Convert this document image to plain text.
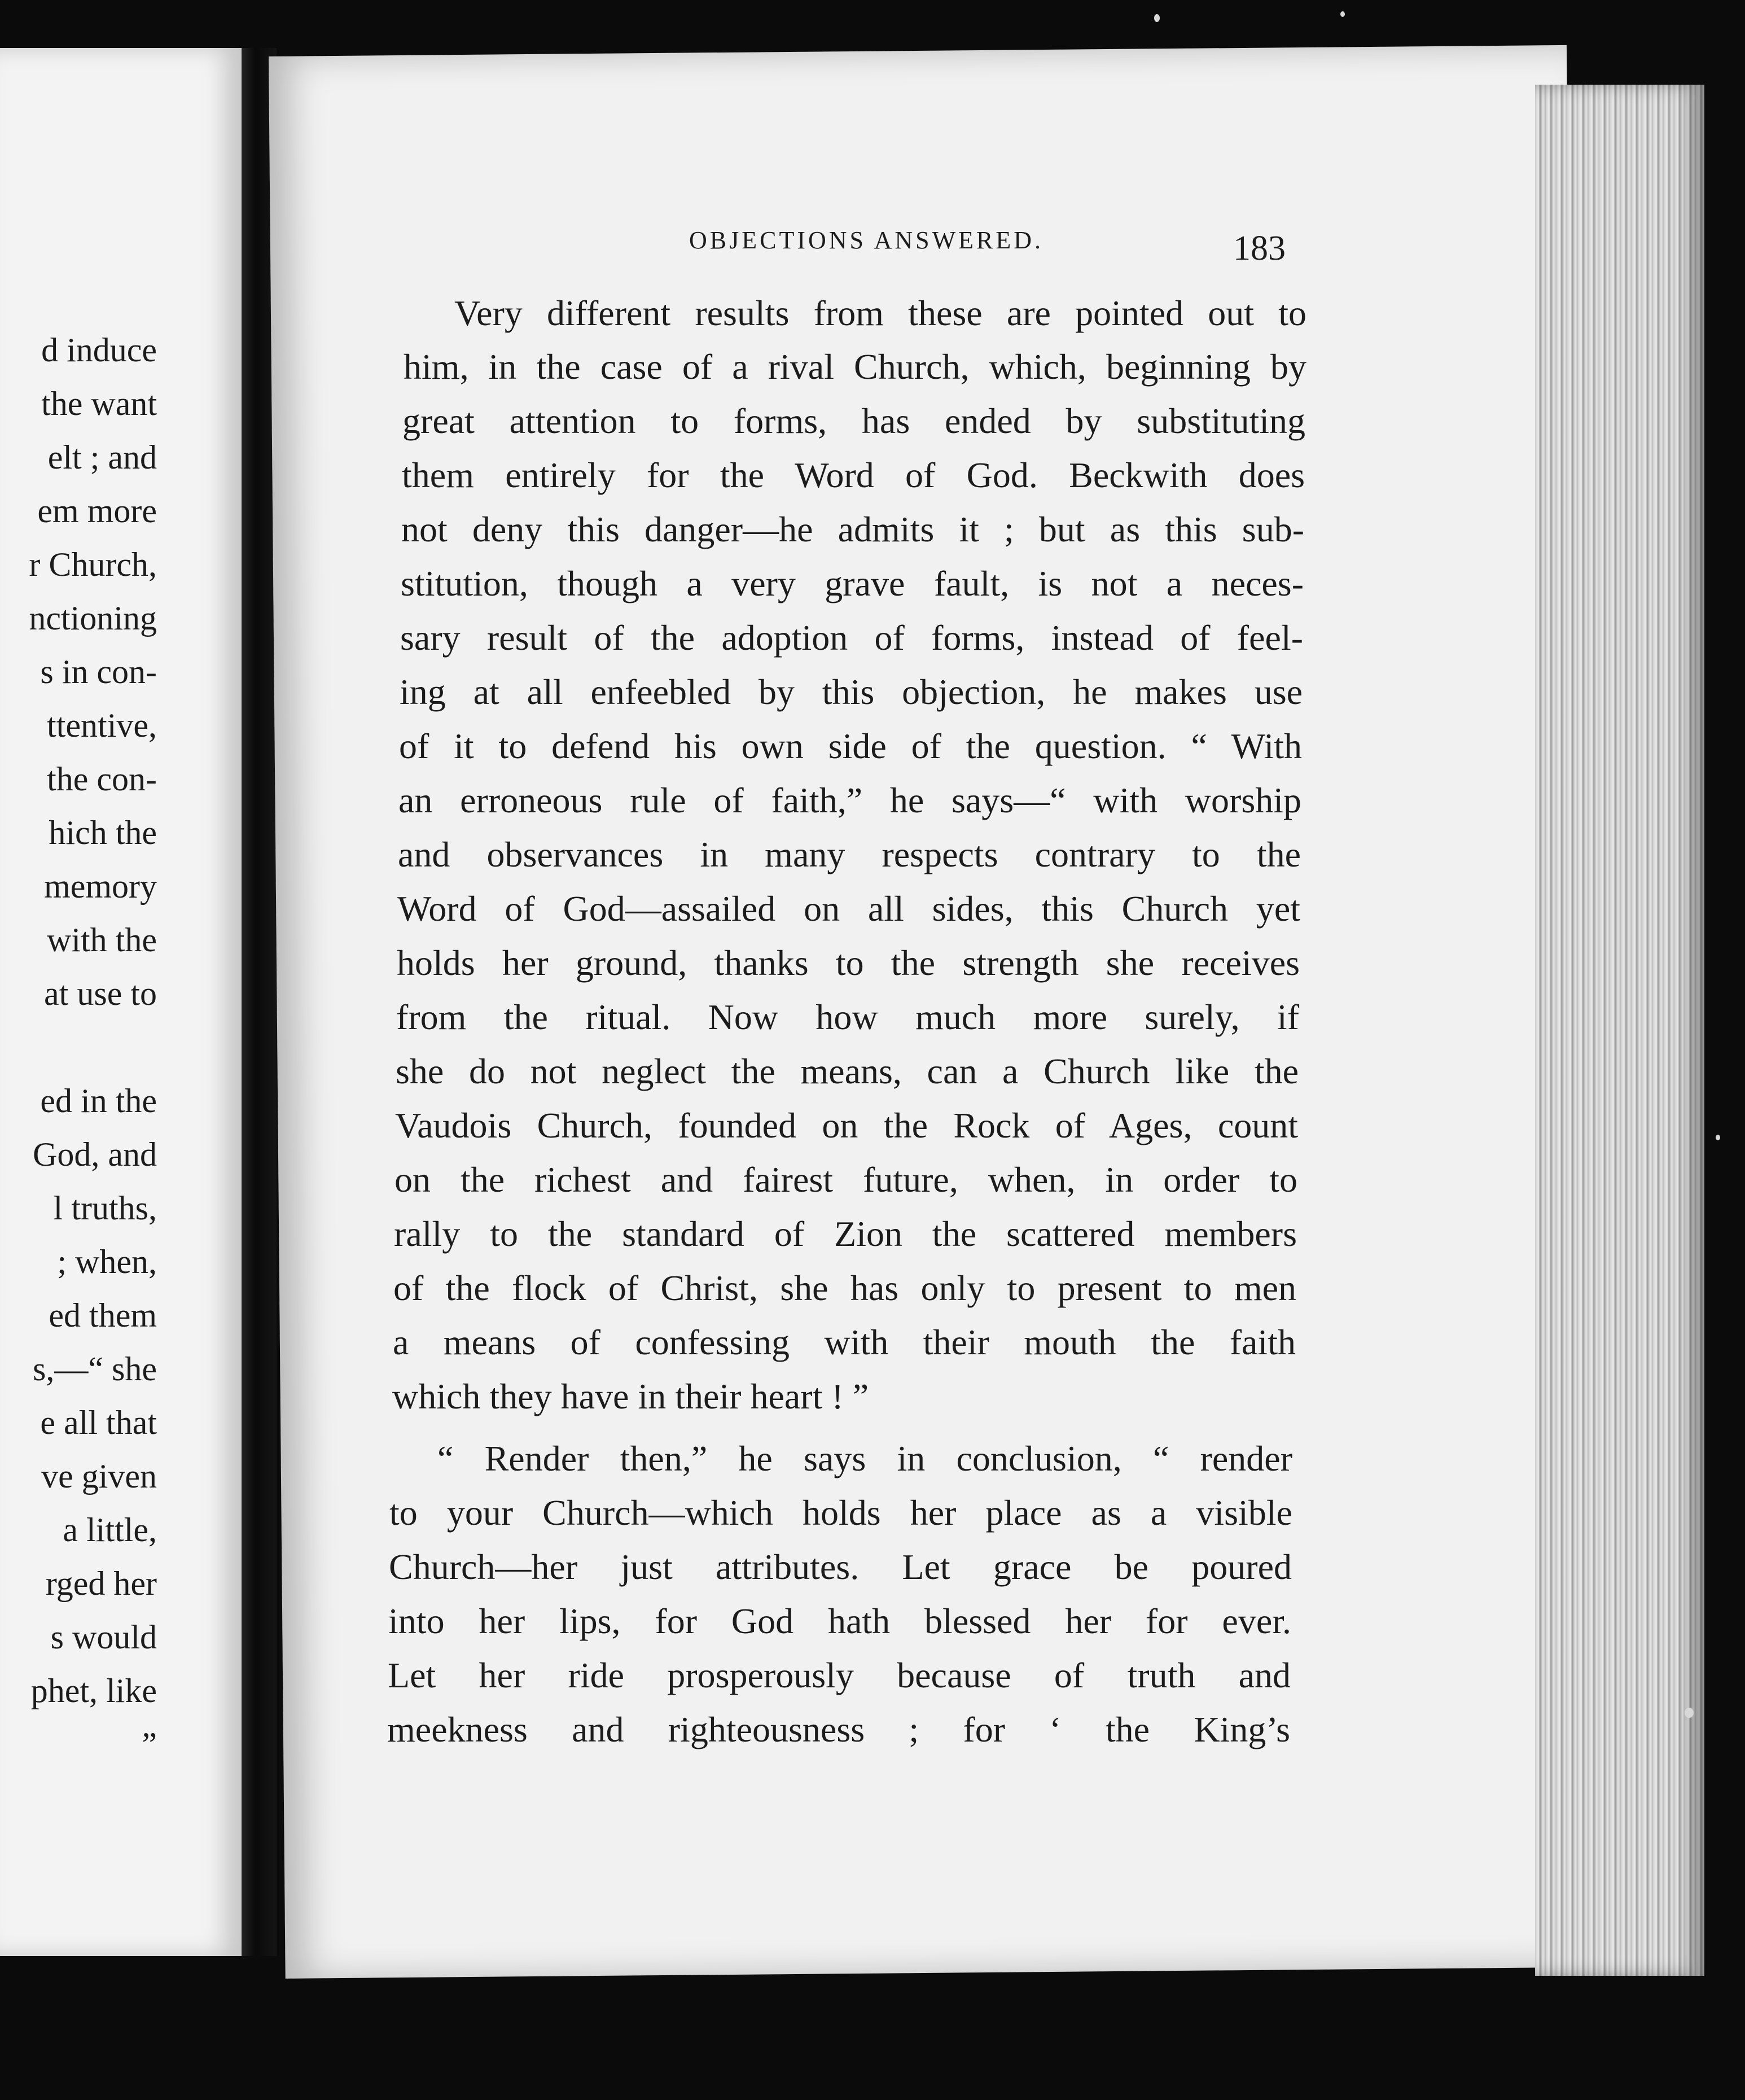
d induce
the want
elt ; and
em more
r Church,
nctioning
s in con-
ttentive,
the con-
hich the
memory
with the
at use to
ed in the
God, and
l truths,
; when,
ed them
s,—“ she
e all that
ve given
a little,
rged her
s would
phet, like
”
OBJECTIONS ANSWERED.	183
Very different results from these are pointed out to
him, in the case of a rival Church, which, beginning by
great attention to forms, has ended by substituting
them entirely for the Word of God. Beckwith does
not deny this danger—he admits it ; but as this sub-
stitution, though a very grave fault, is not a neces-
sary result of the adoption of forms, instead of feel-
ing at all enfeebled by this objection, he makes use
of it to defend his own side of the question. “ With
an erroneous rule of faith,” he says—“ with worship
and observances in many respects contrary to the
Word of God—assailed on all sides, this Church yet
holds her ground, thanks to the strength she receives
from the ritual. Now how much more surely, if
she do not neglect the means, can a Church like the
Vaudois Church, founded on the Rock of Ages, count
on the richest and fairest future, when, in order to
rally to the standard of Zion the scattered members
of the flock of Christ, she has only to present to men
a means of confessing with their mouth the faith
which they have in their heart ! ”
“ Render then,” he says in conclusion, “ render
to your Church—which holds her place as a visible
Church—her just attributes. Let grace be poured
into her lips, for God hath blessed her for ever.
Let her ride prosperously because of truth and
meekness and righteousness ; for ‘ the King’s
